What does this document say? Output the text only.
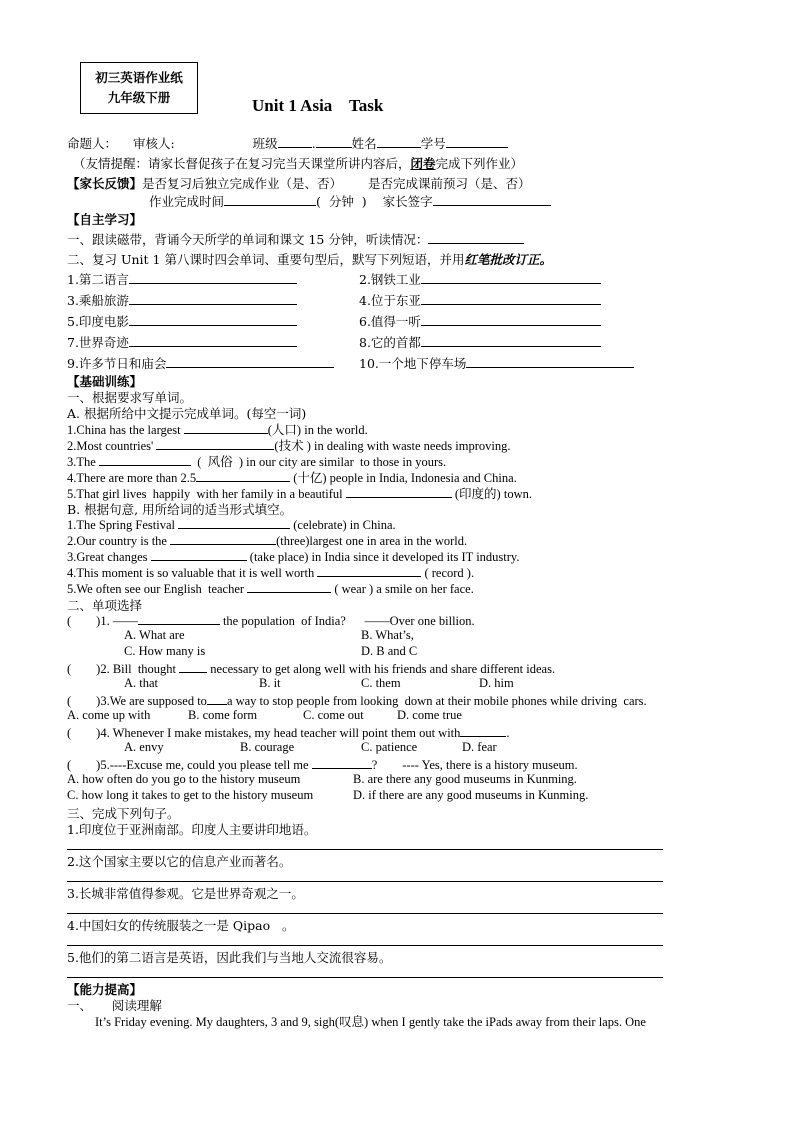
初三英语作业纸
九年级下册	Unit 1 Asia    Task
命题人： 审核人:	班级	.	姓名	学号
（友情提醒：请家长督促孩子在复习完当天课堂所讲内容后，闭卷完成下列作业）
【家长反馈】是否复习后独立完成作业（是、否） 是否完成课前预习（是、否）
作业完成时间	(  分钟  ) 家长签字
【自主学习】
一、跟读磁带，背诵今天所学的单词和课文 15 分钟，听读情况：
二、复习 Unit 1 第八课时四会单词、重要句型后，默写下列短语，并用红笔批改订正。
1.第二语言	2.钢铁工业
3.乘船旅游	4.位于东亚
5.印度电影	6.值得一听
7.世界奇迹	8.它的首都
9.许多节日和庙会	10.一个地下停车场
【基础训练】
一、根据要求写单词。
A. 根据所给中文提示完成单词。(每空一词)
1.China has the largest	(人口) in the world.
2.Most countries'	(技术 ) in dealing with waste needs improving.
3.The	(  风俗  ) in our city are similar  to those in yours.
4.There are more than 2.5	(十亿) people in India, Indonesia and China.
5.That girl lives  happily  with her family in a beautiful	(印度的) town.
B. 根据句意, 用所给词的适当形式填空。
1.The Spring Festival	(celebrate) in China.
2.Our country is the	(three)largest one in area in the world.
3.Great changes	(take place) in India since it developed its IT industry.
4.This moment is so valuable that it is well worth	( record ).
5.We often see our English  teacher	( wear ) a smile on her face.
二、单项选择
(        )1. ——	the population  of India?      ——Over one billion.
A. What are	B. What’s,
C. How many is	D. B and C
(        )2. Bill  thought  necessary to get along well with his friends and share different ideas.
A. that	B. it	C. them	D. him
(        )3.We are supposed to a way to stop people from looking  down at their mobile phones while driving  cars.
A. come up with	B. come form	C. come out	D. come true
(        )4. Whenever I make mistakes, my head teacher will point them out with	.
A. envy	B. courage	C. patience	D. fear
(        )5.----Excuse me, could you please tell me	?        ---- Yes, there is a history museum.
A. how often do you go to the history museum	B. are there any good museums in Kunming.
C. how long it takes to get to the history museum	D. if there are any good museums in Kunming.
三、完成下列句子。
1.印度位于亚洲南部。印度人主要讲印地语。
2.这个国家主要以它的信息产业而著名。
3.长城非常值得参观。它是世界奇观之一。
4.中国妇女的传统服装之一是 Qipao   。
5.他们的第二语言是英语，因此我们与当地人交流很容易。
【能力提高】
一、     阅读理解
It’s Friday evening. My daughters, 3 and 9, sigh(叹息) when I gently take the iPads away from their laps. One
